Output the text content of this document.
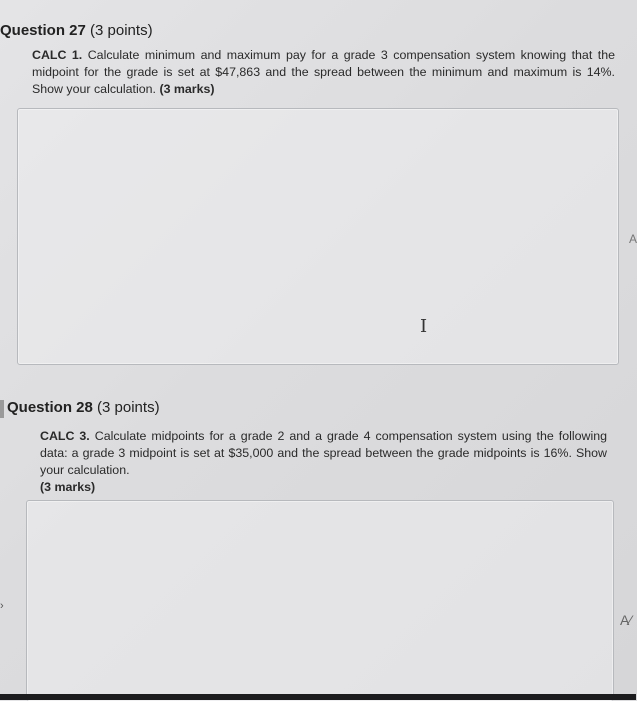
Question 27 (3 points)
CALC 1. Calculate minimum and maximum pay for a grade 3 compensation system knowing that the midpoint for the grade is set at $47,863 and the spread between the minimum and maximum is 14%. Show your calculation. (3 marks)
I
A
Question 28 (3 points)
CALC 3. Calculate midpoints for a grade 2 and a grade 4 compensation system using the following data: a grade 3 midpoint is set at $35,000 and the spread between the grade midpoints is 16%. Show your calculation.
(3 marks)
A⁄
›
